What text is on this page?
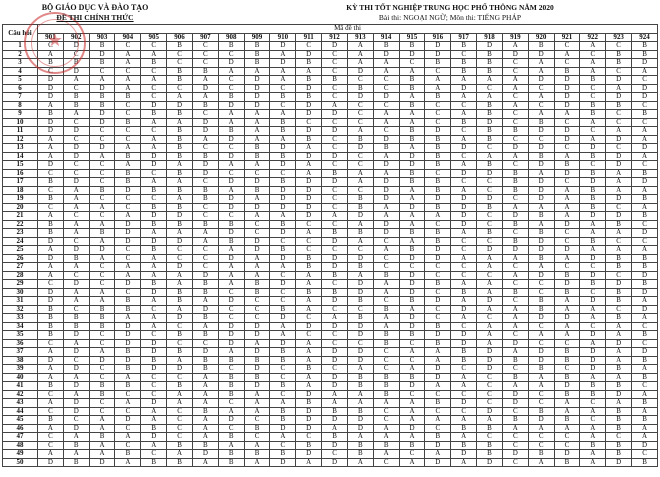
★
BỘ GIÁO DỤC VÀ ĐÀO TẠO
ĐỀ THI CHÍNH THỨC
KỲ THI TỐT NGHIỆP TRUNG HỌC PHỔ THÔNG NĂM 2020
Bài thi: NGOẠI NGỮ; Môn thi: TIẾNG PHÁP
Câu hỏi	Mã đề thi																							
	901	902	903	904	905	906	907	908	909	910	911	912	913	914	915	916	917	918	919	920	921	922	923	924
1	C	D	B	C	C	B	C	B	B	D	C	D	A	B	B	D	B	D	A	B	C	A	C	B
2	A	C	D	A	A	C	C	C	B	A	D	C	A	D	D	D	C	B	D	D	A	C	B	B
3	B	B	B	A	B	C	C	D	B	D	B	C	A	A	C	B	B	B	C	A	C	A	B	D
4	C	D	C	C	C	B	B	A	A	A	A	C	D	A	A	C	B	B	C	A	B	A	C	A
5	D	A	A	A	A	B	A	C	D	A	B	B	C	C	B	A	A	A	A	D	D	B	D	C
6	D	C	D	A	C	C	D	C	D	C	D	C	B	C	B	A	D	C	A	C	D	C	A	D
7	D	B	B	B	C	A	A	B	D	B	B	C	D	D	A	B	A	A	C	A	D	C	D	D
8	A	B	B	C	D	D	B	D	D	C	D	A	C	C	B	C	C	B	A	C	D	B	B	C
9	B	A	D	C	B	B	C	A	A	A	D	D	C	A	A	C	A	B	C	A	A	B	C	B
10	D	C	D	B	A	A	D	A	A	B	C	C	C	A	A	C	B	D	C	B	C	A	C	C
11	D	D	C	C	C	B	D	B	A	B	D	D	A	C	B	D	C	B	B	D	D	C	A	A
12	A	C	C	C	A	B	A	D	A	A	B	C	B	D	B	B	A	B	C	C	D	A	D	A
13	A	D	D	A	A	B	C	C	B	D	A	C	D	B	A	B	D	C	D	D	C	D	C	D
14	A	D	A	B	D	B	B	D	B	B	D	D	C	A	D	B	C	A	A	B	A	B	D	A
15	D	C	C	A	D	A	D	A	A	D	A	C	C	D	D	B	A	B	C	D	B	C	D	C
16	C	C	C	B	C	B	D	C	C	C	A	B	A	A	B	C	D	D	B	A	D	B	A	B
17	B	D	C	B	A	A	C	D	D	B	D	D	A	D	B	B	C	C	B	D	C	D	A	D
18	C	A	B	D	B	B	B	A	B	D	D	C	C	D	A	B	A	C	B	D	A	B	A	A
19	B	A	C	C	C	A	B	D	A	D	D	C	B	D	A	D	D	D	C	D	A	B	D	B
20	C	A	A	C	B	B	C	D	D	D	D	C	B	A	D	B	D	B	A	A	A	B	C	A
21	A	C	C	A	D	D	C	C	A	A	D	A	D	A	A	A	D	C	D	B	A	D	D	B
22	B	A	A	D	B	B	B	B	C	B	C	C	A	D	A	C	D	C	B	A	D	A	B	C
23	B	A	B	D	A	A	A	D	C	D	A	B	B	D	B	B	A	B	C	B	C	A	A	D
24	D	C	A	D	D	D	A	B	D	C	C	D	A	C	A	B	C	C	B	D	C	B	C	C
25	A	D	D	C	B	C	C	A	D	B	C	C	C	A	B	D	C	D	D	D	D	A	A	A
26	D	B	A	C	A	C	C	D	A	D	B	D	D	C	D	D	A	A	A	B	A	D	B	B
27	A	A	C	A	A	D	C	A	A	A	B	D	B	C	C	C	C	A	C	A	C	C	B	B
28	A	C	C	A	A	A	D	A	A	C	A	B	A	B	D	C	C	C	A	D	B	D	C	D
29	C	D	C	D	B	A	B	A	B	D	A	C	D	A	D	B	A	A	C	C	D	B	D	B
30	D	A	A	C	D	B	B	C	B	C	B	B	D	A	D	C	B	A	B	C	B	C	B	D
31	D	A	A	B	A	B	A	D	C	C	A	D	B	C	B	D	A	D	C	B	A	D	B	A
32	B	C	B	B	C	A	D	C	C	B	A	C	C	B	A	C	D	A	A	B	A	A	C	D
33	B	B	B	A	A	D	B	C	C	D	C	A	B	A	D	C	A	C	A	D	D	A	B	A
34	B	B	B	D	A	C	A	D	D	A	D	D	D	A	D	B	C	A	A	C	A	C	A	C
35	B	D	C	D	C	B	B	D	D	A	C	C	D	B	B	D	D	A	C	A	A	D	A	B
36	C	A	C	D	D	C	C	D	A	D	A	C	C	B	C	B	D	A	D	C	C	A	D	C
37	A	D	A	B	D	B	D	A	D	B	A	D	D	C	A	A	B	D	A	D	B	D	A	D
38	D	C	D	D	B	A	B	B	B	B	A	D	D	C	C	A	B	D	B	D	B	D	A	B
39	A	D	C	B	D	D	B	C	D	C	B	C	A	C	A	D	C	D	C	B	C	D	B	A
40	A	A	C	A	C	C	A	B	B	C	A	D	B	B	B	D	A	C	B	A	B	A	A	B
41	B	D	B	B	C	B	A	B	D	B	A	D	B	B	D	A	A	C	A	A	D	B	B	C
42	C	A	B	C	C	A	A	B	A	C	D	A	A	B	C	C	C	C	D	C	B	B	D	A
43	A	D	C	A	D	A	A	C	A	A	B	A	A	A	A	B	D	C	D	C	A	C	A	B
44	C	D	C	C	A	C	B	A	A	B	D	B	B	C	A	C	C	D	C	B	A	A	B	A
45	B	C	A	D	A	C	A	D	C	B	D	D	D	C	A	A	A	A	B	D	B	C	B	B
46	A	D	A	C	B	C	A	C	B	D	D	A	D	A	D	C	B	B	A	A	A	A	B	A
47	C	A	B	A	D	C	A	B	C	A	C	B	A	A	A	B	A	C	C	C	C	A	C	A
48	C	B	A	C	A	B	B	A	A	C	B	D	B	B	B	D	B	B	C	C	C	B	B	D
49	A	A	A	B	C	A	D	B	B	B	D	C	B	A	C	A	D	B	D	B	D	A	B	C
50	D	B	D	A	B	B	A	B	A	D	A	D	A	C	A	D	A	D	C	A	B	A	D	B
